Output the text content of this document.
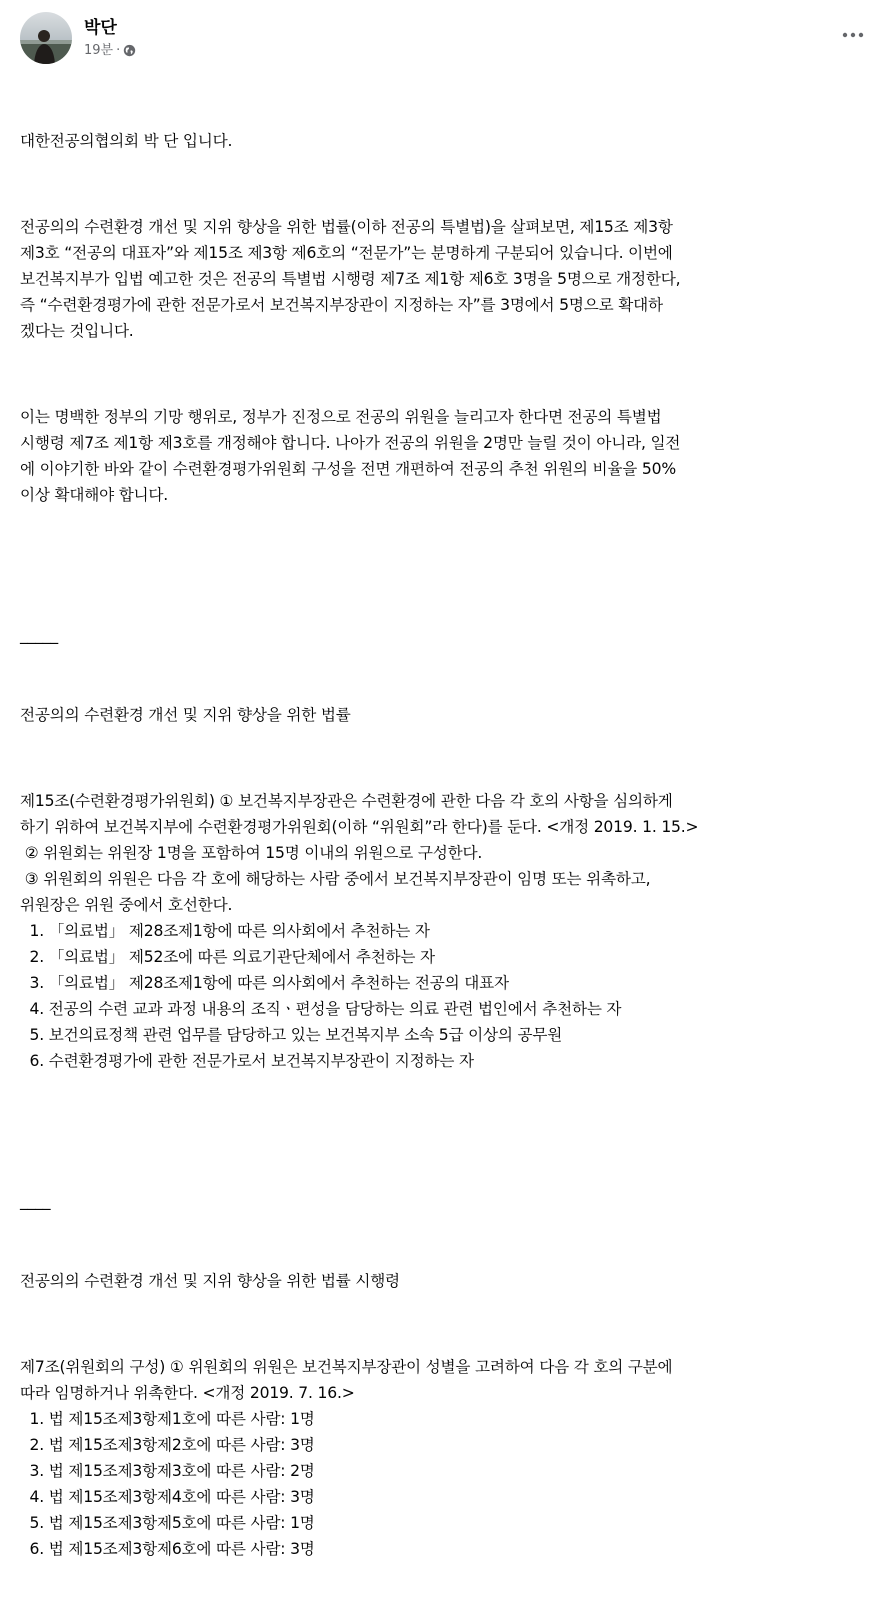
박단
19분 ·

대한전공의협의회 박 단 입니다.

전공의의 수련환경 개선 및 지위 향상을 위한 법률(이하 전공의 특별법)을 살펴보면, 제15조 제3항
제3호 “전공의 대표자”와 제15조 제3항 제6호의 “전문가”는 분명하게 구분되어 있습니다. 이번에
보건복지부가 입법 예고한 것은 전공의 특별법 시행령 제7조 제1항 제6호 3명을 5명으로 개정한다,
즉 “수련환경평가에 관한 전문가로서 보건복지부장관이 지정하는 자”를 3명에서 5명으로 확대하
겠다는 것입니다.

이는 명백한 정부의 기망 행위로, 정부가 진정으로 전공의 위원을 늘리고자 한다면 전공의 특별법
시행령 제7조 제1항 제3호를 개정해야 합니다. 나아가 전공의 위원을 2명만 늘릴 것이 아니라, 일전
에 이야기한 바와 같이 수련환경평가위원회 구성을 전면 개편하여 전공의 추천 위원의 비율을 50%
이상 확대해야 합니다.

_____

전공의의 수련환경 개선 및 지위 향상을 위한 법률

제15조(수련환경평가위원회) ① 보건복지부장관은 수련환경에 관한 다음 각 호의 사항을 심의하게
하기 위하여 보건복지부에 수련환경평가위원회(이하 “위원회”라 한다)를 둔다. <개정 2019. 1. 15.>
② 위원회는 위원장 1명을 포함하여 15명 이내의 위원으로 구성한다.
③ 위원회의 위원은 다음 각 호에 해당하는 사람 중에서 보건복지부장관이 임명 또는 위촉하고,
위원장은 위원 중에서 호선한다.
1. 「의료법」 제28조제1항에 따른 의사회에서 추천하는 자
2. 「의료법」 제52조에 따른 의료기관단체에서 추천하는 자
3. 「의료법」 제28조제1항에 따른 의사회에서 추천하는 전공의 대표자
4. 전공의 수련 교과 과정 내용의 조직ㆍ편성을 담당하는 의료 관련 법인에서 추천하는 자
5. 보건의료정책 관련 업무를 담당하고 있는 보건복지부 소속 5급 이상의 공무원
6. 수련환경평가에 관한 전문가로서 보건복지부장관이 지정하는 자

____

전공의의 수련환경 개선 및 지위 향상을 위한 법률 시행령

제7조(위원회의 구성) ① 위원회의 위원은 보건복지부장관이 성별을 고려하여 다음 각 호의 구분에
따라 임명하거나 위촉한다. <개정 2019. 7. 16.>
1. 법 제15조제3항제1호에 따른 사람: 1명
2. 법 제15조제3항제2호에 따른 사람: 3명
3. 법 제15조제3항제3호에 따른 사람: 2명
4. 법 제15조제3항제4호에 따른 사람: 3명
5. 법 제15조제3항제5호에 따른 사람: 1명
6. 법 제15조제3항제6호에 따른 사람: 3명
